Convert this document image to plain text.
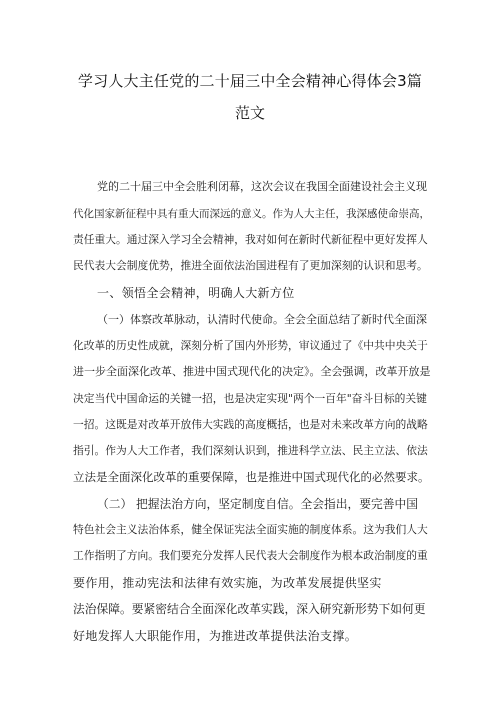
学习人大主任党的二十届三中全会精神心得体会3篇
范文
党的二十届三中全会胜利闭幕，这次会议在我国全面建设社会主义现
代化国家新征程中具有重大而深远的意义。作为人大主任，我深感使命崇高，
责任重大。通过深入学习全会精神，我对如何在新时代新征程中更好发挥人
民代表大会制度优势，推进全面依法治国进程有了更加深刻的认识和思考。
一、领悟全会精神，明确人大新方位
（一）体察改革脉动，认清时代使命。全会全面总结了新时代全面深
化改革的历史性成就，深刻分析了国内外形势，审议通过了《中共中央关于
进一步全面深化改革、推进中国式现代化的决定》。全会强调，改革开放是
决定当代中国命运的关键一招，也是决定实现"两个一百年"奋斗目标的关键
一招。这既是对改革开放伟大实践的高度概括，也是对未来改革方向的战略
指引。作为人大工作者，我们深刻认识到，推进科学立法、民主立法、依法
立法是全面深化改革的重要保障，也是推进中国式现代化的必然要求。
（二） 把握法治方向，坚定制度自信。全会指出，要完善中国
特色社会主义法治体系，健全保证宪法全面实施的制度体系。这为我们人大
工作指明了方向。我们要充分发挥人民代表大会制度作为根本政治制度的重
要作用，推动宪法和法律有效实施，为改革发展提供坚实
法治保障。要紧密结合全面深化改革实践，深入研究新形势下如何更
好地发挥人大职能作用，为推进改革提供法治支撑。
